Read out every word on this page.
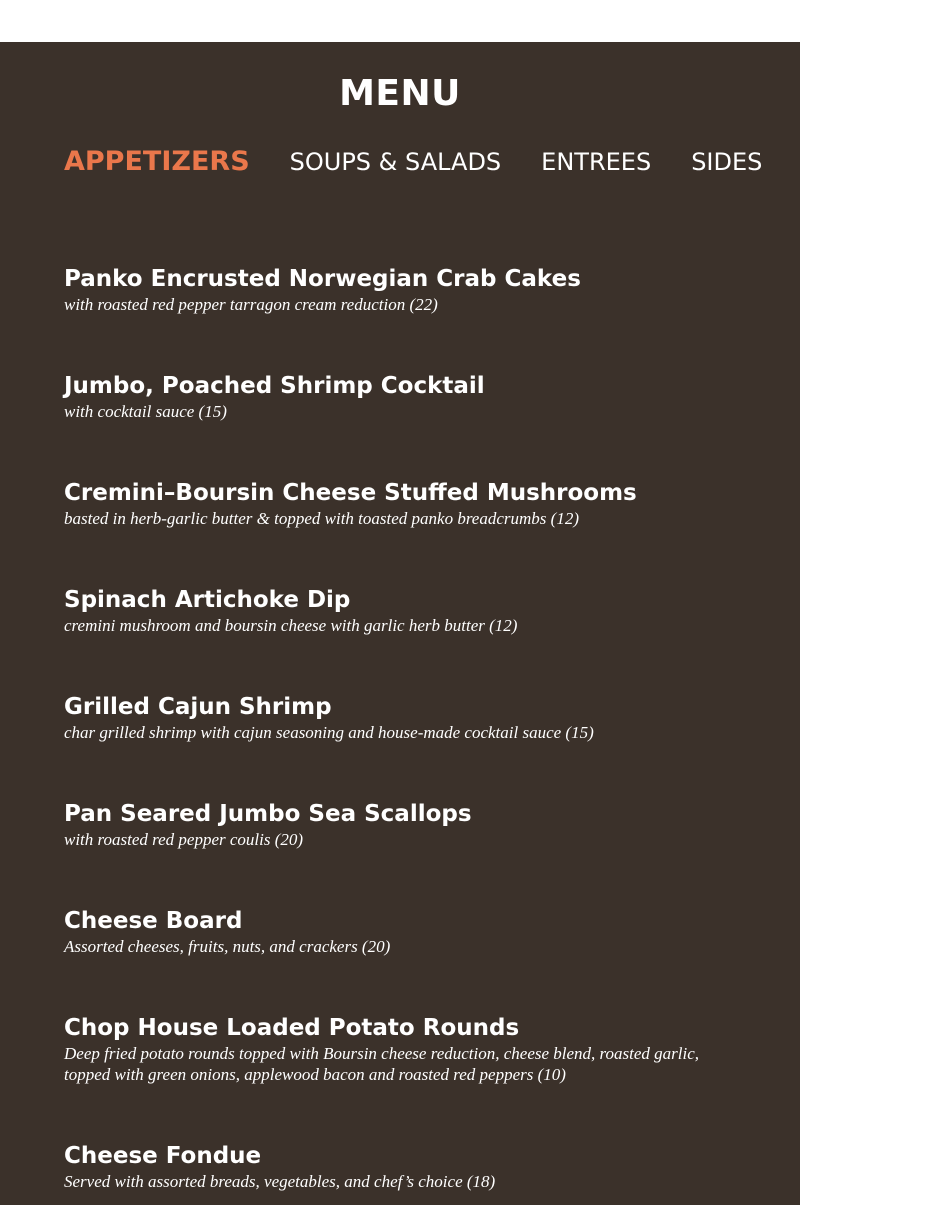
MENU
APPETIZERS SOUPS & SALADS ENTREES SIDES DESSERTS
Panko Encrusted Norwegian Crab Cakes

with roasted red pepper tarragon cream reduction (22)

Jumbo, Poached Shrimp Cocktail

with cocktail sauce (15)

Cremini–Boursin Cheese Stuffed Mushrooms

basted in herb-garlic butter & topped with toasted panko breadcrumbs (12)

Spinach Artichoke Dip

cremini mushroom and boursin cheese with garlic herb butter (12)

Grilled Cajun Shrimp

char grilled shrimp with cajun seasoning and house-made cocktail sauce (15)

Pan Seared Jumbo Sea Scallops

with roasted red pepper coulis (20)

Cheese Board

Assorted cheeses, fruits, nuts, and crackers (20)

Chop House Loaded Potato Rounds

Deep fried potato rounds topped with Boursin cheese reduction, cheese blend, roasted garlic, topped with green onions, applewood bacon and roasted red peppers (10)

Cheese Fondue

Served with assorted breads, vegetables, and chef’s choice (18)
